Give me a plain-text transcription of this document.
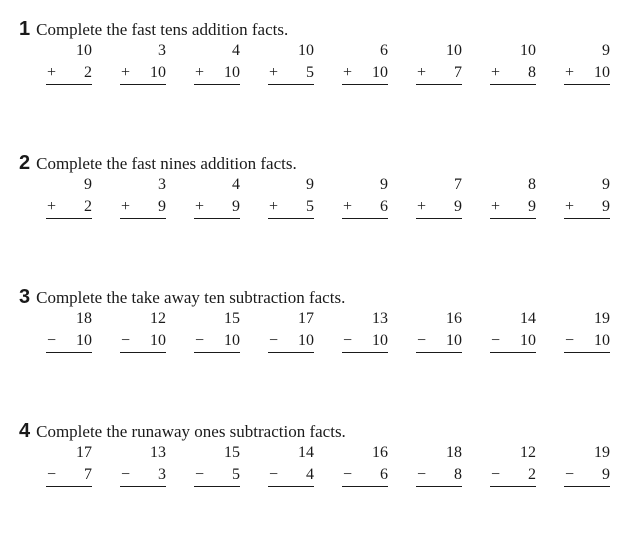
1 Complete the fast tens addition facts.
10
+ 2
3
+ 10
4
+ 10
10
+ 5
6
+ 10
10
+ 7
10
+ 8
9
+ 10
2 Complete the fast nines addition facts.
9
+ 2
3
+ 9
4
+ 9
9
+ 5
9
+ 6
7
+ 9
8
+ 9
9
+ 9
3 Complete the take away ten subtraction facts.
18
− 10
12
− 10
15
− 10
17
− 10
13
− 10
16
− 10
14
− 10
19
− 10
4 Complete the runaway ones subtraction facts.
17
− 7
13
− 3
15
− 5
14
− 4
16
− 6
18
− 8
12
− 2
19
− 9
